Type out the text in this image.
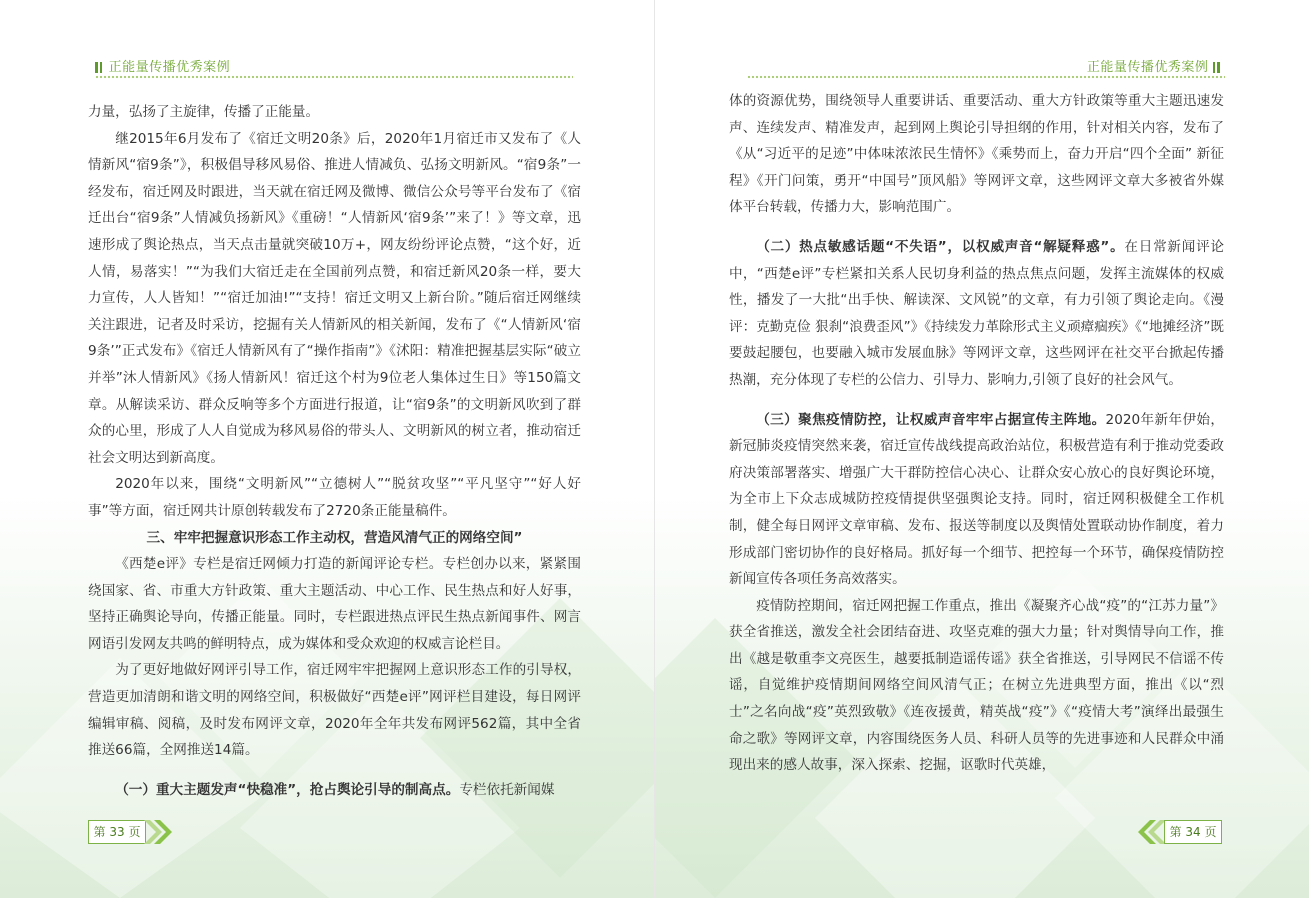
正能量传播优秀案例

力量，弘扬了主旋律，传播了正能量。

继2015年6月发布了《宿迁文明20条》后，2020年1月宿迁市又发布了《人情新风“宿9条”》，积极倡导移风易俗、推进人情减负、弘扬文明新风。“宿9条”一经发布，宿迁网及时跟进，当天就在宿迁网及微博、微信公众号等平台发布了《宿迁出台“宿9条”人情减负扬新风》《重磅！“人情新风‘宿9条’”来了！》等文章，迅速形成了舆论热点，当天点击量就突破10万+，网友纷纷评论点赞，“这个好，近人情，易落实！”“为我们大宿迁走在全国前列点赞，和宿迁新风20条一样，要大力宣传，人人皆知！”“宿迁加油!”“支持！宿迁文明又上新台阶。”随后宿迁网继续关注跟进，记者及时采访，挖掘有关人情新风的相关新闻，发布了《“人情新风‘宿9条’”正式发布》《宿迁人情新风有了“操作指南”》《沭阳：精准把握基层实际“破立并举”沐人情新风》《扬人情新风！宿迁这个村为9位老人集体过生日》等150篇文章。从解读采访、群众反响等多个方面进行报道，让“宿9条”的文明新风吹到了群众的心里，形成了人人自觉成为移风易俗的带头人、文明新风的树立者，推动宿迁社会文明达到新高度。

2020年以来，围绕“文明新风”“立德树人”“脱贫攻坚”“平凡坚守”“好人好事”等方面，宿迁网共计原创转载发布了2720条正能量稿件。

三、牢牢把握意识形态工作主动权，营造风清气正的网络空间”

《西楚e评》专栏是宿迁网倾力打造的新闻评论专栏。专栏创办以来，紧紧围绕国家、省、市重大方针政策、重大主题活动、中心工作、民生热点和好人好事，坚持正确舆论导向，传播正能量。同时，专栏跟进热点评民生热点新闻事件、网言网语引发网友共鸣的鲜明特点，成为媒体和受众欢迎的权威言论栏目。

为了更好地做好网评引导工作，宿迁网牢牢把握网上意识形态工作的引导权，营造更加清朗和谐文明的网络空间，积极做好“西楚e评”网评栏目建设，每日网评编辑审稿、阅稿，及时发布网评文章，2020年全年共发布网评562篇，其中全省推送66篇，全网推送14篇。

（一）重大主题发声“快稳准”，抢占舆论引导的制高点。专栏依托新闻媒

第 33 页
正能量传播优秀案例

体的资源优势，围绕领导人重要讲话、重要活动、重大方针政策等重大主题迅速发声、连续发声、精准发声，起到网上舆论引导担纲的作用，针对相关内容，发布了《从“习近平的足迹”中体味浓浓民生情怀》《乘势而上，奋力开启“四个全面” 新征程》《开门问策，勇开“中国号”顶风船》等网评文章，这些网评文章大多被省外媒体平台转载，传播力大，影响范围广。

（二）热点敏感话题“不失语”，以权威声音“解疑释惑”。在日常新闻评论中，“西楚e评”专栏紧扣关系人民切身利益的热点焦点问题，发挥主流媒体的权威性，播发了一大批“出手快、解读深、文风锐”的文章，有力引领了舆论走向。《漫评：克勤克俭 狠刹“浪费歪风”》《持续发力革除形式主义顽瘴痼疾》《“地摊经济”既要鼓起腰包，也要融入城市发展血脉》等网评文章，这些网评在社交平台掀起传播热潮，充分体现了专栏的公信力、引导力、影响力,引领了良好的社会风气。

（三）聚焦疫情防控，让权威声音牢牢占据宣传主阵地。2020年新年伊始，新冠肺炎疫情突然来袭，宿迁宣传战线提高政治站位，积极营造有利于推动党委政府决策部署落实、增强广大干群防控信心决心、让群众安心放心的良好舆论环境，为全市上下众志成城防控疫情提供坚强舆论支持。同时，宿迁网积极健全工作机制，健全每日网评文章审稿、发布、报送等制度以及舆情处置联动协作制度，着力形成部门密切协作的良好格局。抓好每一个细节、把控每一个环节，确保疫情防控新闻宣传各项任务高效落实。

疫情防控期间，宿迁网把握工作重点，推出《凝聚齐心战“疫”的“江苏力量”》获全省推送，激发全社会团结奋进、攻坚克难的强大力量；针对舆情导向工作，推出《越是敬重李文亮医生，越要抵制造谣传谣》获全省推送，引导网民不信谣不传谣，自觉维护疫情期间网络空间风清气正；在树立先进典型方面，推出《以“烈士”之名向战“疫”英烈致敬》《连夜援黄，精英战“疫”》《“疫情大考”演绎出最强生命之歌》等网评文章，内容围绕医务人员、科研人员等的先进事迹和人民群众中涌现出来的感人故事，深入探索、挖掘，讴歌时代英雄，

第 34 页
